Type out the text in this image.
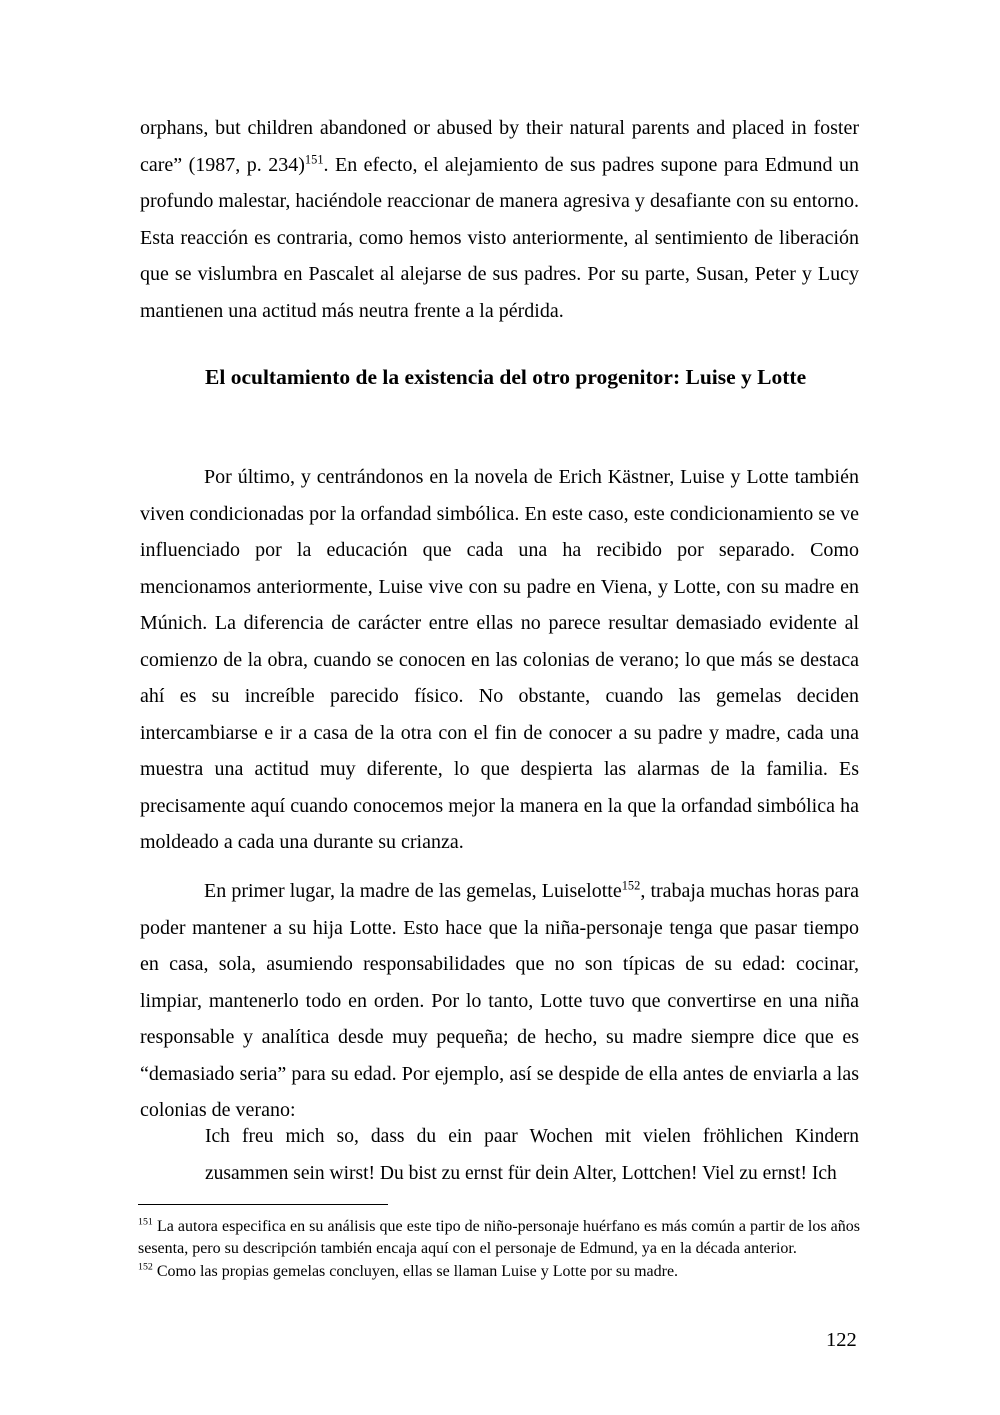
orphans, but children abandoned or abused by their natural parents and placed in foster care” (1987, p. 234)$^{151}$. En efecto, el alejamiento de sus padres supone para Edmund un profundo malestar, haciéndole reaccionar de manera agresiva y desafiante con su entorno. Esta reacción es contraria, como hemos visto anteriormente, al sentimiento de liberación que se vislumbra en Pascalet al alejarse de sus padres. Por su parte, Susan, Peter y Lucy mantienen una actitud más neutra frente a la pérdida.

El ocultamiento de la existencia del otro progenitor: Luise y Lotte

Por último, y centrándonos en la novela de Erich Kästner, Luise y Lotte también viven condicionadas por la orfandad simbólica. En este caso, este condicionamiento se ve influenciado por la educación que cada una ha recibido por separado. Como mencionamos anteriormente, Luise vive con su padre en Viena, y Lotte, con su madre en Múnich. La diferencia de carácter entre ellas no parece resultar demasiado evidente al comienzo de la obra, cuando se conocen en las colonias de verano; lo que más se destaca ahí es su increíble parecido físico. No obstante, cuando las gemelas deciden intercambiarse e ir a casa de la otra con el fin de conocer a su padre y madre, cada una muestra una actitud muy diferente, lo que despierta las alarmas de la familia. Es precisamente aquí cuando conocemos mejor la manera en la que la orfandad simbólica ha moldeado a cada una durante su crianza.

En primer lugar, la madre de las gemelas, Luiselotte$^{152}$, trabaja muchas horas para poder mantener a su hija Lotte. Esto hace que la niña-personaje tenga que pasar tiempo en casa, sola, asumiendo responsabilidades que no son típicas de su edad: cocinar, limpiar, mantenerlo todo en orden. Por lo tanto, Lotte tuvo que convertirse en una niña responsable y analítica desde muy pequeña; de hecho, su madre siempre dice que es “demasiado seria” para su edad. Por ejemplo, así se despide de ella antes de enviarla a las colonias de verano:

Ich freu mich so, dass du ein paar Wochen mit vielen fröhlichen Kindern zusammen sein wirst! Du bist zu ernst für dein Alter, Lottchen! Viel zu ernst! Ich

$^{151}$ La autora especifica en su análisis que este tipo de niño-personaje huérfano es más común a partir de los años sesenta, pero su descripción también encaja aquí con el personaje de Edmund, ya en la década anterior.

$^{152}$ Como las propias gemelas concluyen, ellas se llaman Luise y Lotte por su madre.

122
